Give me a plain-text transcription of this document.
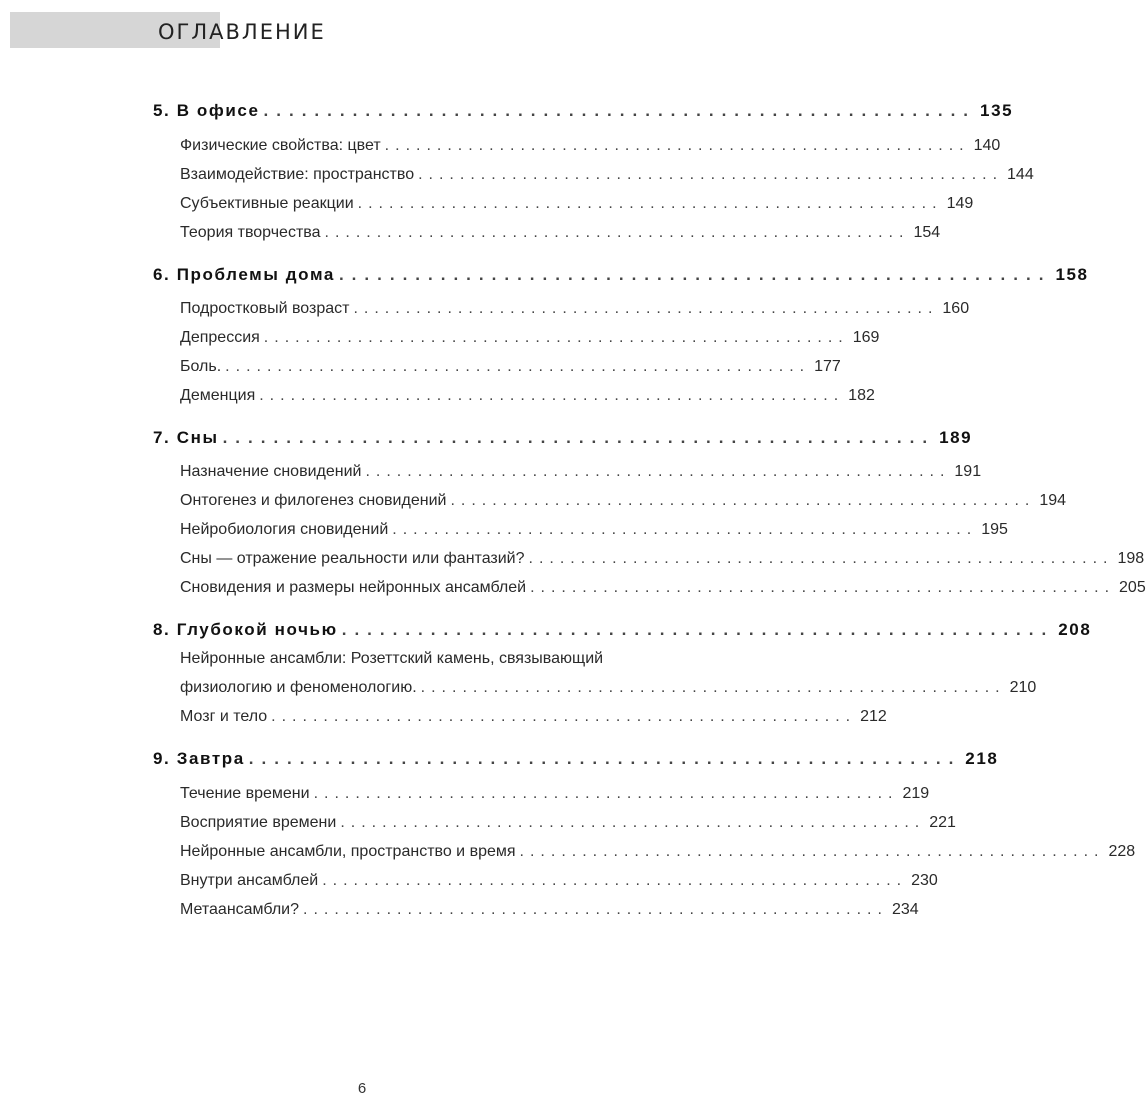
ОГЛАВЛЕНИЕ
5. В офисе ........................................................ 135
Физические свойства: цвет ........................................................ 140
Взаимодействие: пространство ........................................................ 144
Субъективные реакции ........................................................ 149
Теория творчества ........................................................ 154
6. Проблемы дома ........................................................ 158
Подростковый возраст ........................................................ 160
Депрессия ........................................................ 169
Боль. ........................................................ 177
Деменция ........................................................ 182
7. Сны ........................................................ 189
Назначение сновидений ........................................................ 191
Онтогенез и филогенез сновидений ........................................................ 194
Нейробиология сновидений ........................................................ 195
Сны — отражение реальности или фантазий? ........................................................ 198
Сновидения и размеры нейронных ансамблей ........................................................ 205
8. Глубокой ночью ........................................................ 208
Нейронные ансамбли: Розеттский камень, связывающий
физиологию и феноменологию. ........................................................ 210
Мозг и тело ........................................................ 212
9. Завтра ........................................................ 218
Течение времени ........................................................ 219
Восприятие времени ........................................................ 221
Нейронные ансамбли, пространство и время ........................................................ 228
Внутри ансамблей ........................................................ 230
Метаансамбли? ........................................................ 234
6
